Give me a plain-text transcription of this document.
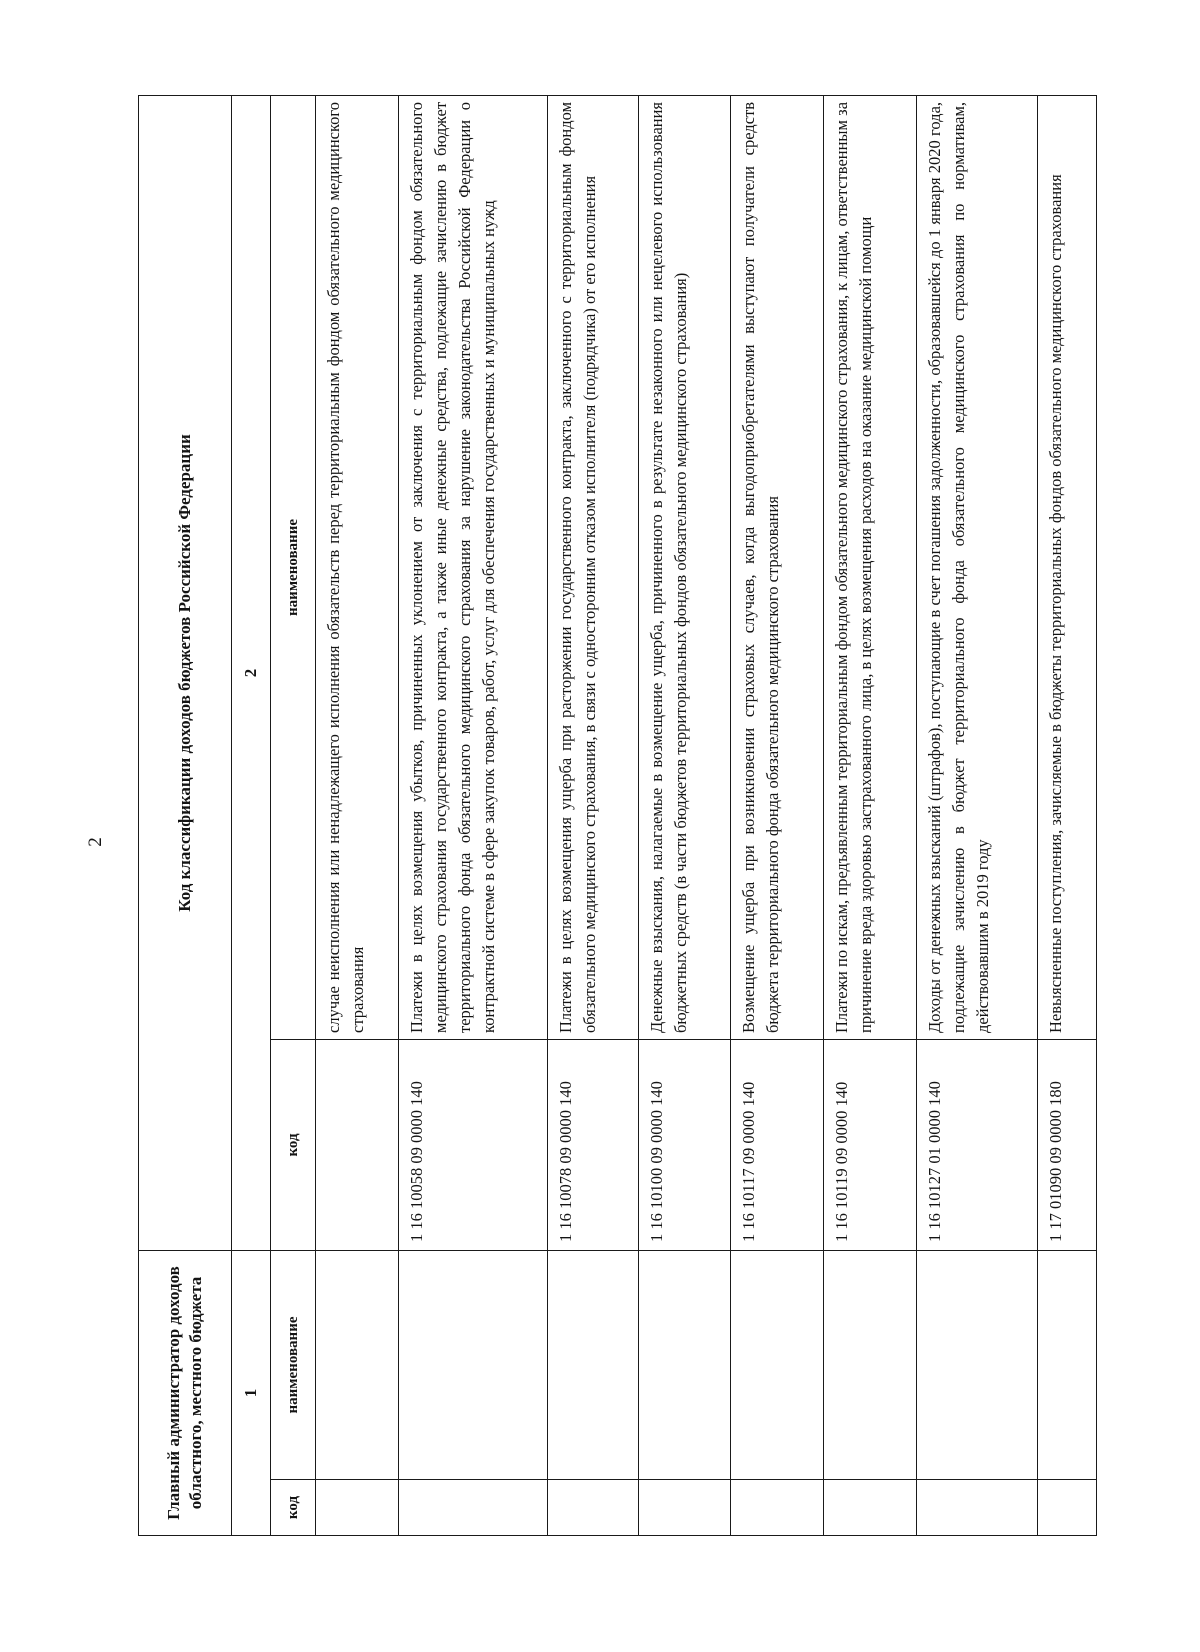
2
Главный администратор доходов областного, местного бюджета		Код классификации доходов бюджетов Российской Федерации	
1		2	
код	наименование	код	наименование
			случае неисполнения или ненадлежащего исполнения обязательств перед территориальным фондом обязательного медицинского страхования
		1 16 10058 09 0000 140	Платежи в целях возмещения убытков, причиненных уклонением от заключения с территориальным фондом обязательного медицинского страхования государственного контракта, а также иные денежные средства, подлежащие зачислению в бюджет территориального фонда обязательного медицинского страхования за нарушение законодательства Российской Федерации о контрактной системе в сфере закупок товаров, работ, услуг для обеспечения государственных и муниципальных нужд
		1 16 10078 09 0000 140	Платежи в целях возмещения ущерба при расторжении государственного контракта, заключенного с территориальным фондом обязательного медицинского страхования, в связи с односторонним отказом исполнителя (подрядчика) от его исполнения
		1 16 10100 09 0000 140	Денежные взыскания, налагаемые в возмещение ущерба, причиненного в результате незаконного или нецелевого использования бюджетных средств (в части бюджетов территориальных фондов обязательного медицинского страхования)
		1 16 10117 09 0000 140	Возмещение ущерба при возникновении страховых случаев, когда выгодоприобретателями выступают получатели средств бюджета территориального фонда обязательного медицинского страхования
		1 16 10119 09 0000 140	Платежи по искам, предъявленным территориальным фондом обязательного медицинского страхования, к лицам, ответственным за причинение вреда здоровью застрахованного лица, в целях возмещения расходов на оказание медицинской помощи
		1 16 10127 01 0000 140	Доходы от денежных взысканий (штрафов), поступающие в счет погашения задолженности, образовавшейся до 1 января 2020 года, подлежащие зачислению в бюджет территориального фонда обязательного медицинского страхования по нормативам, действовавшим в 2019 году
		1 17 01090 09 0000 180	Невыясненные поступления, зачисляемые в бюджеты территориальных фондов обязательного медицинского страхования
